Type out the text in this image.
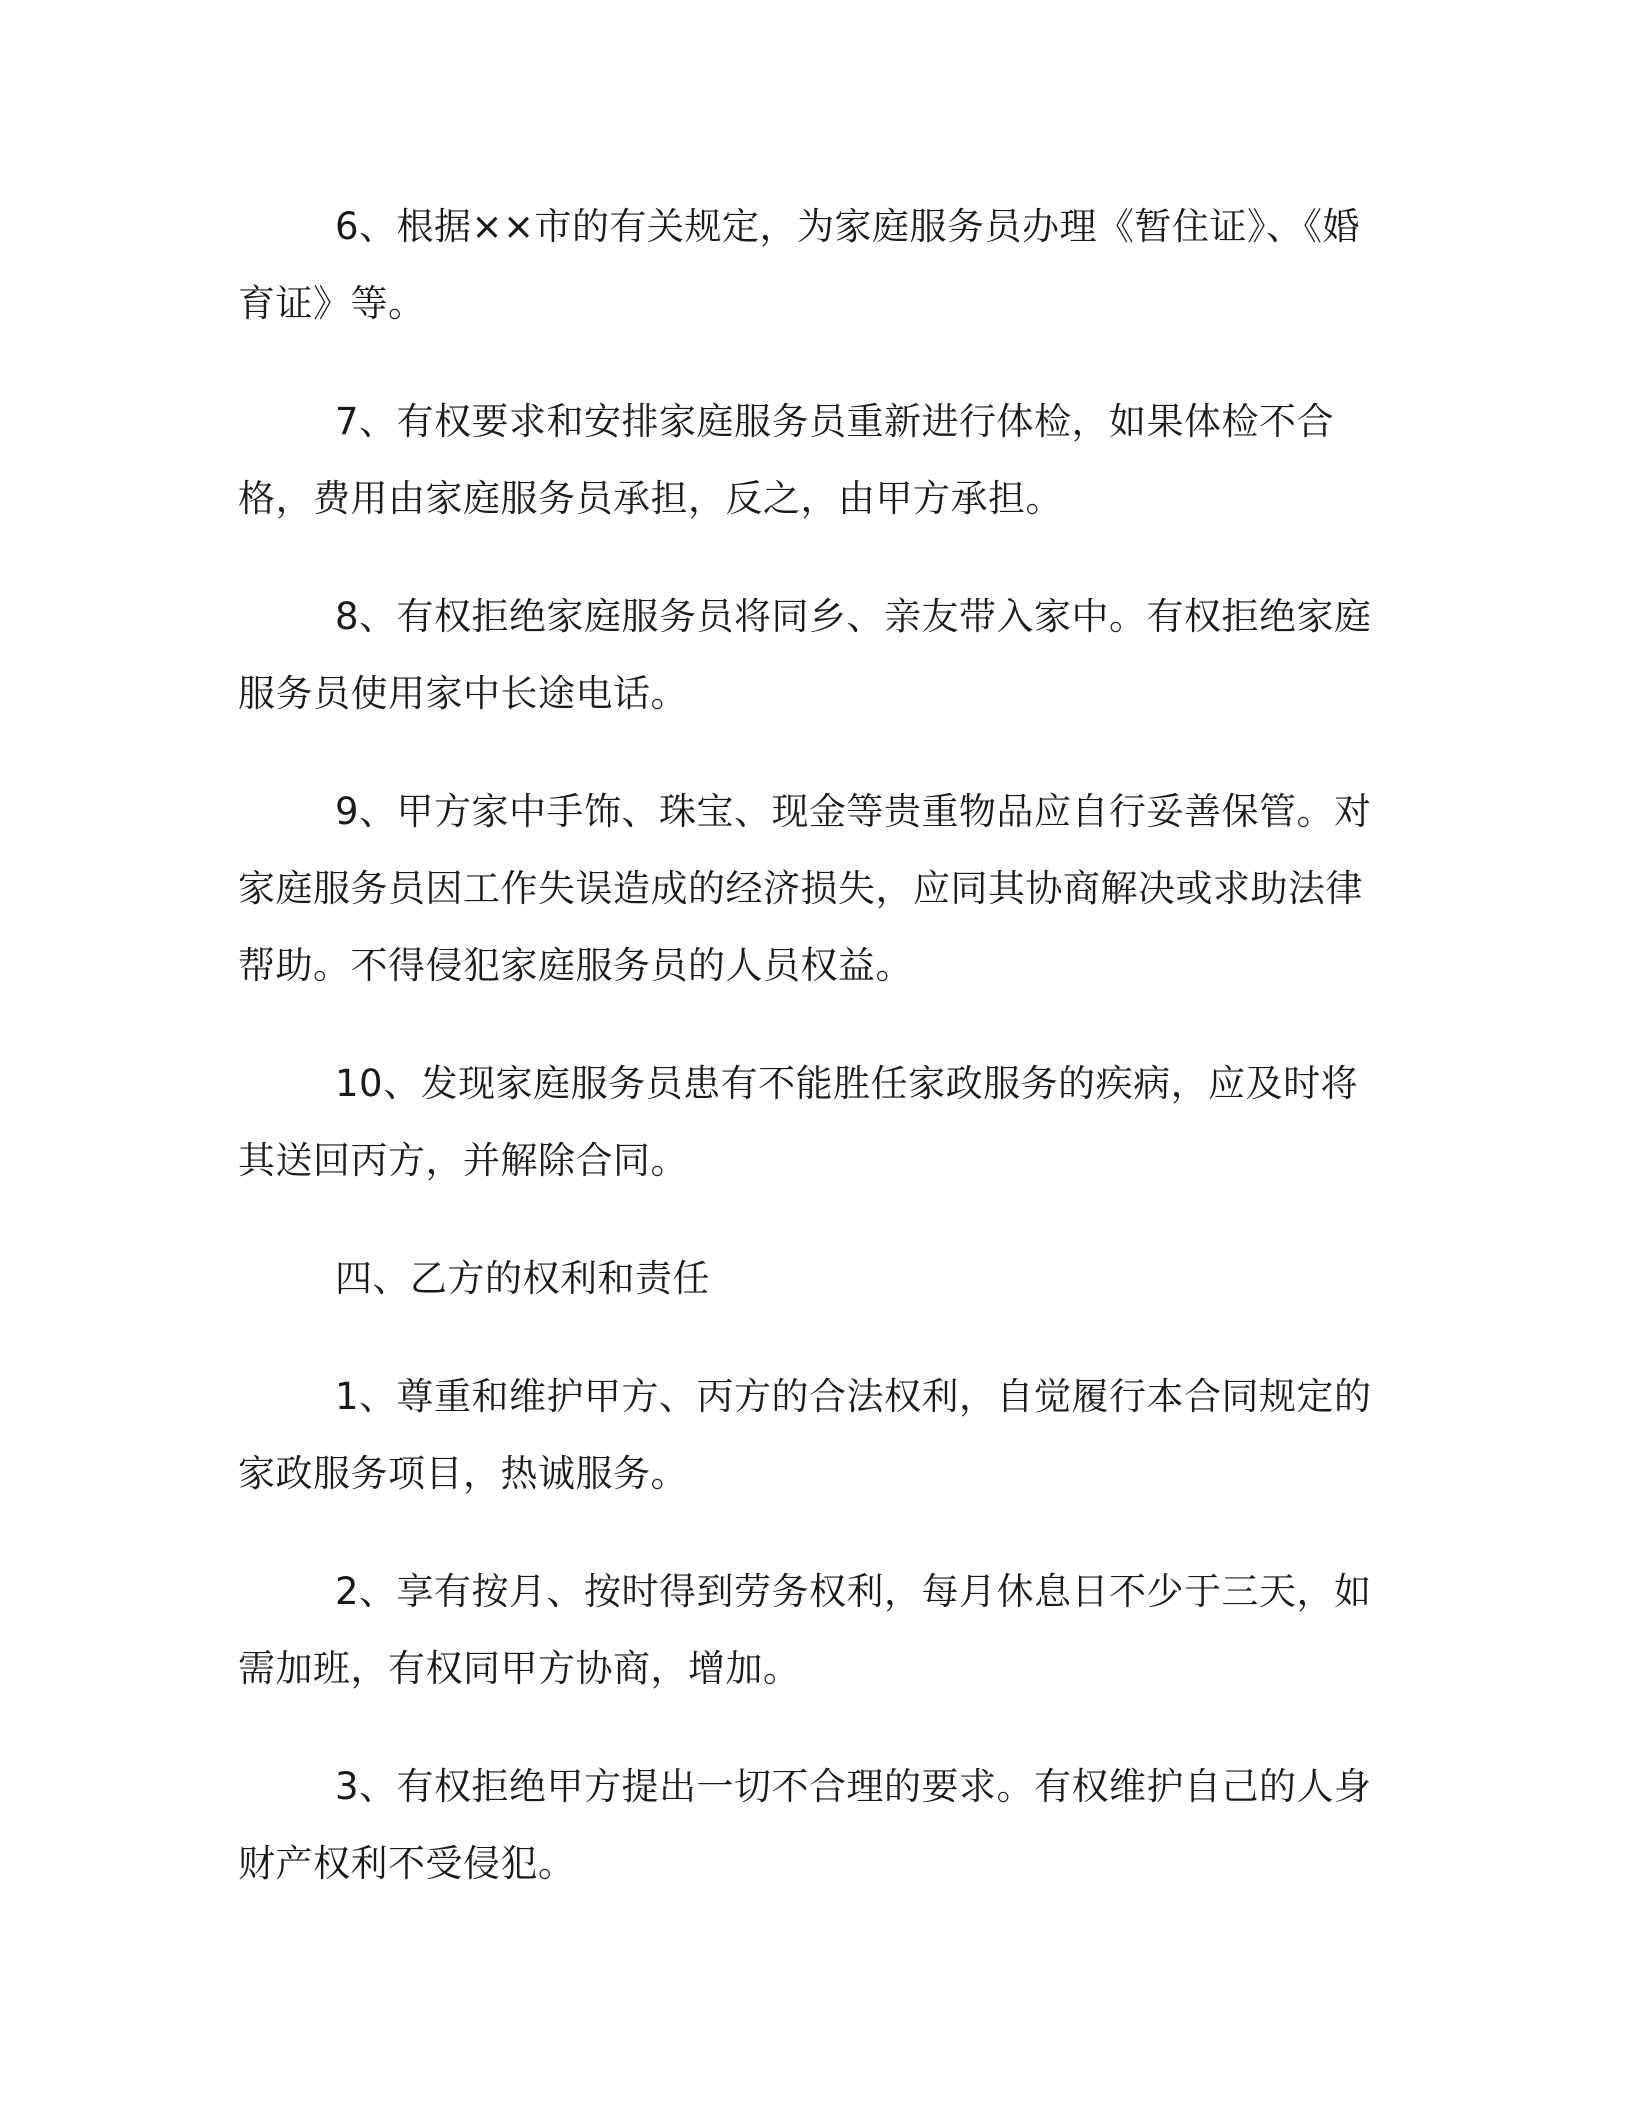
6、根据××市的有关规定，为家庭服务员办理《暂住证》、《婚育证》等。

7、有权要求和安排家庭服务员重新进行体检，如果体检不合格，费用由家庭服务员承担，反之，由甲方承担。

8、有权拒绝家庭服务员将同乡、亲友带入家中。有权拒绝家庭服务员使用家中长途电话。

9、甲方家中手饰、珠宝、现金等贵重物品应自行妥善保管。对家庭服务员因工作失误造成的经济损失，应同其协商解决或求助法律帮助。不得侵犯家庭服务员的人员权益。

10、发现家庭服务员患有不能胜任家政服务的疾病，应及时将其送回丙方，并解除合同。

四、乙方的权利和责任

1、尊重和维护甲方、丙方的合法权利，自觉履行本合同规定的家政服务项目，热诚服务。

2、享有按月、按时得到劳务权利，每月休息日不少于三天，如需加班，有权同甲方协商，增加。

3、有权拒绝甲方提出一切不合理的要求。有权维护自己的人身财产权利不受侵犯。
